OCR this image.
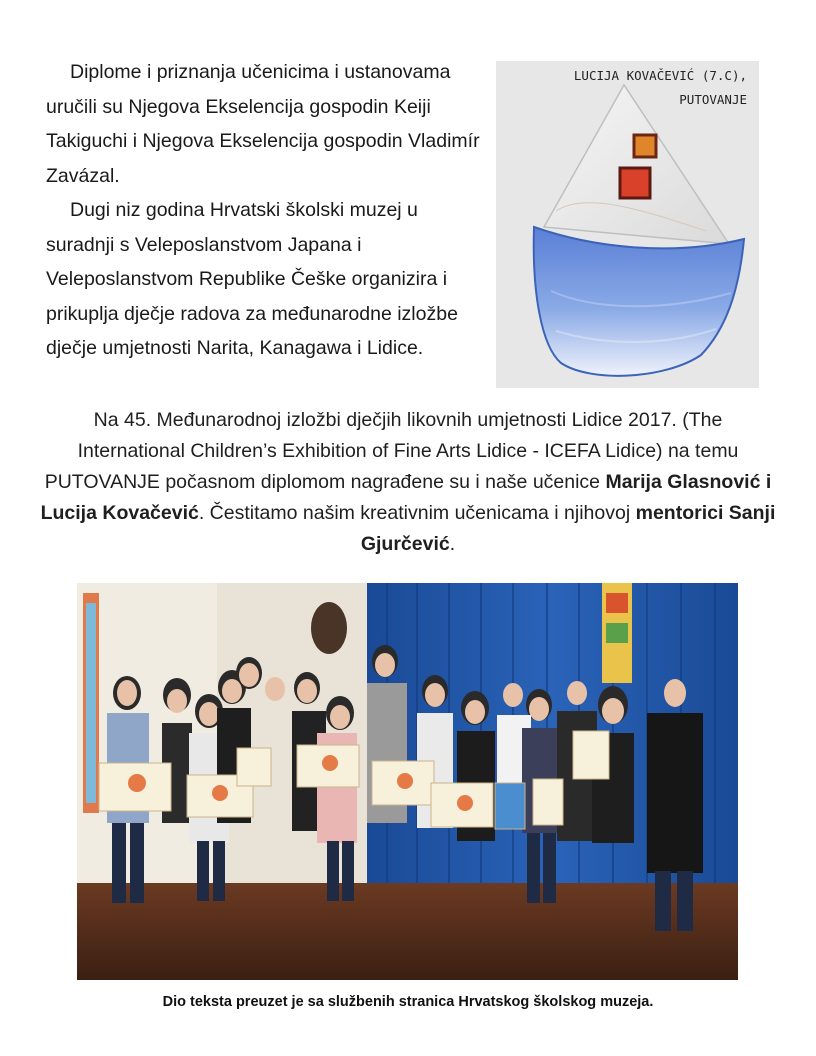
Diplome i priznanja učenicima i ustanovama uručili su Njegova Ekselencija gospodin Keiji Takiguchi i Njegova Ekselencija gospodin Vladimír Zavázal.

Dugi niz godina Hrvatski školski muzej u suradnji s Veleposlanstvom Japana i Veleposlanstvom Republike Češke organizira i prikuplja dječje radova za međunarodne izložbe dječje umjetnosti Narita, Kanagawa i Lidice.

LUCIJA KOVAČEVIĆ (7.C),
PUTOVANJE

Na 45. Međunarodnoj izložbi dječjih likovnih umjetnosti Lidice 2017. (The International Children’s Exhibition of Fine Arts Lidice - ICEFA Lidice) na temu PUTOVANJE počasnom diplomom nagrađene su i naše učenice Marija Glasnović i Lucija Kovačević. Čestitamo našim kreativnim učenicama i njihovoj mentorici Sanji Gjurčević.

Dio teksta preuzet je sa službenih stranica Hrvatskog školskog muzeja.
